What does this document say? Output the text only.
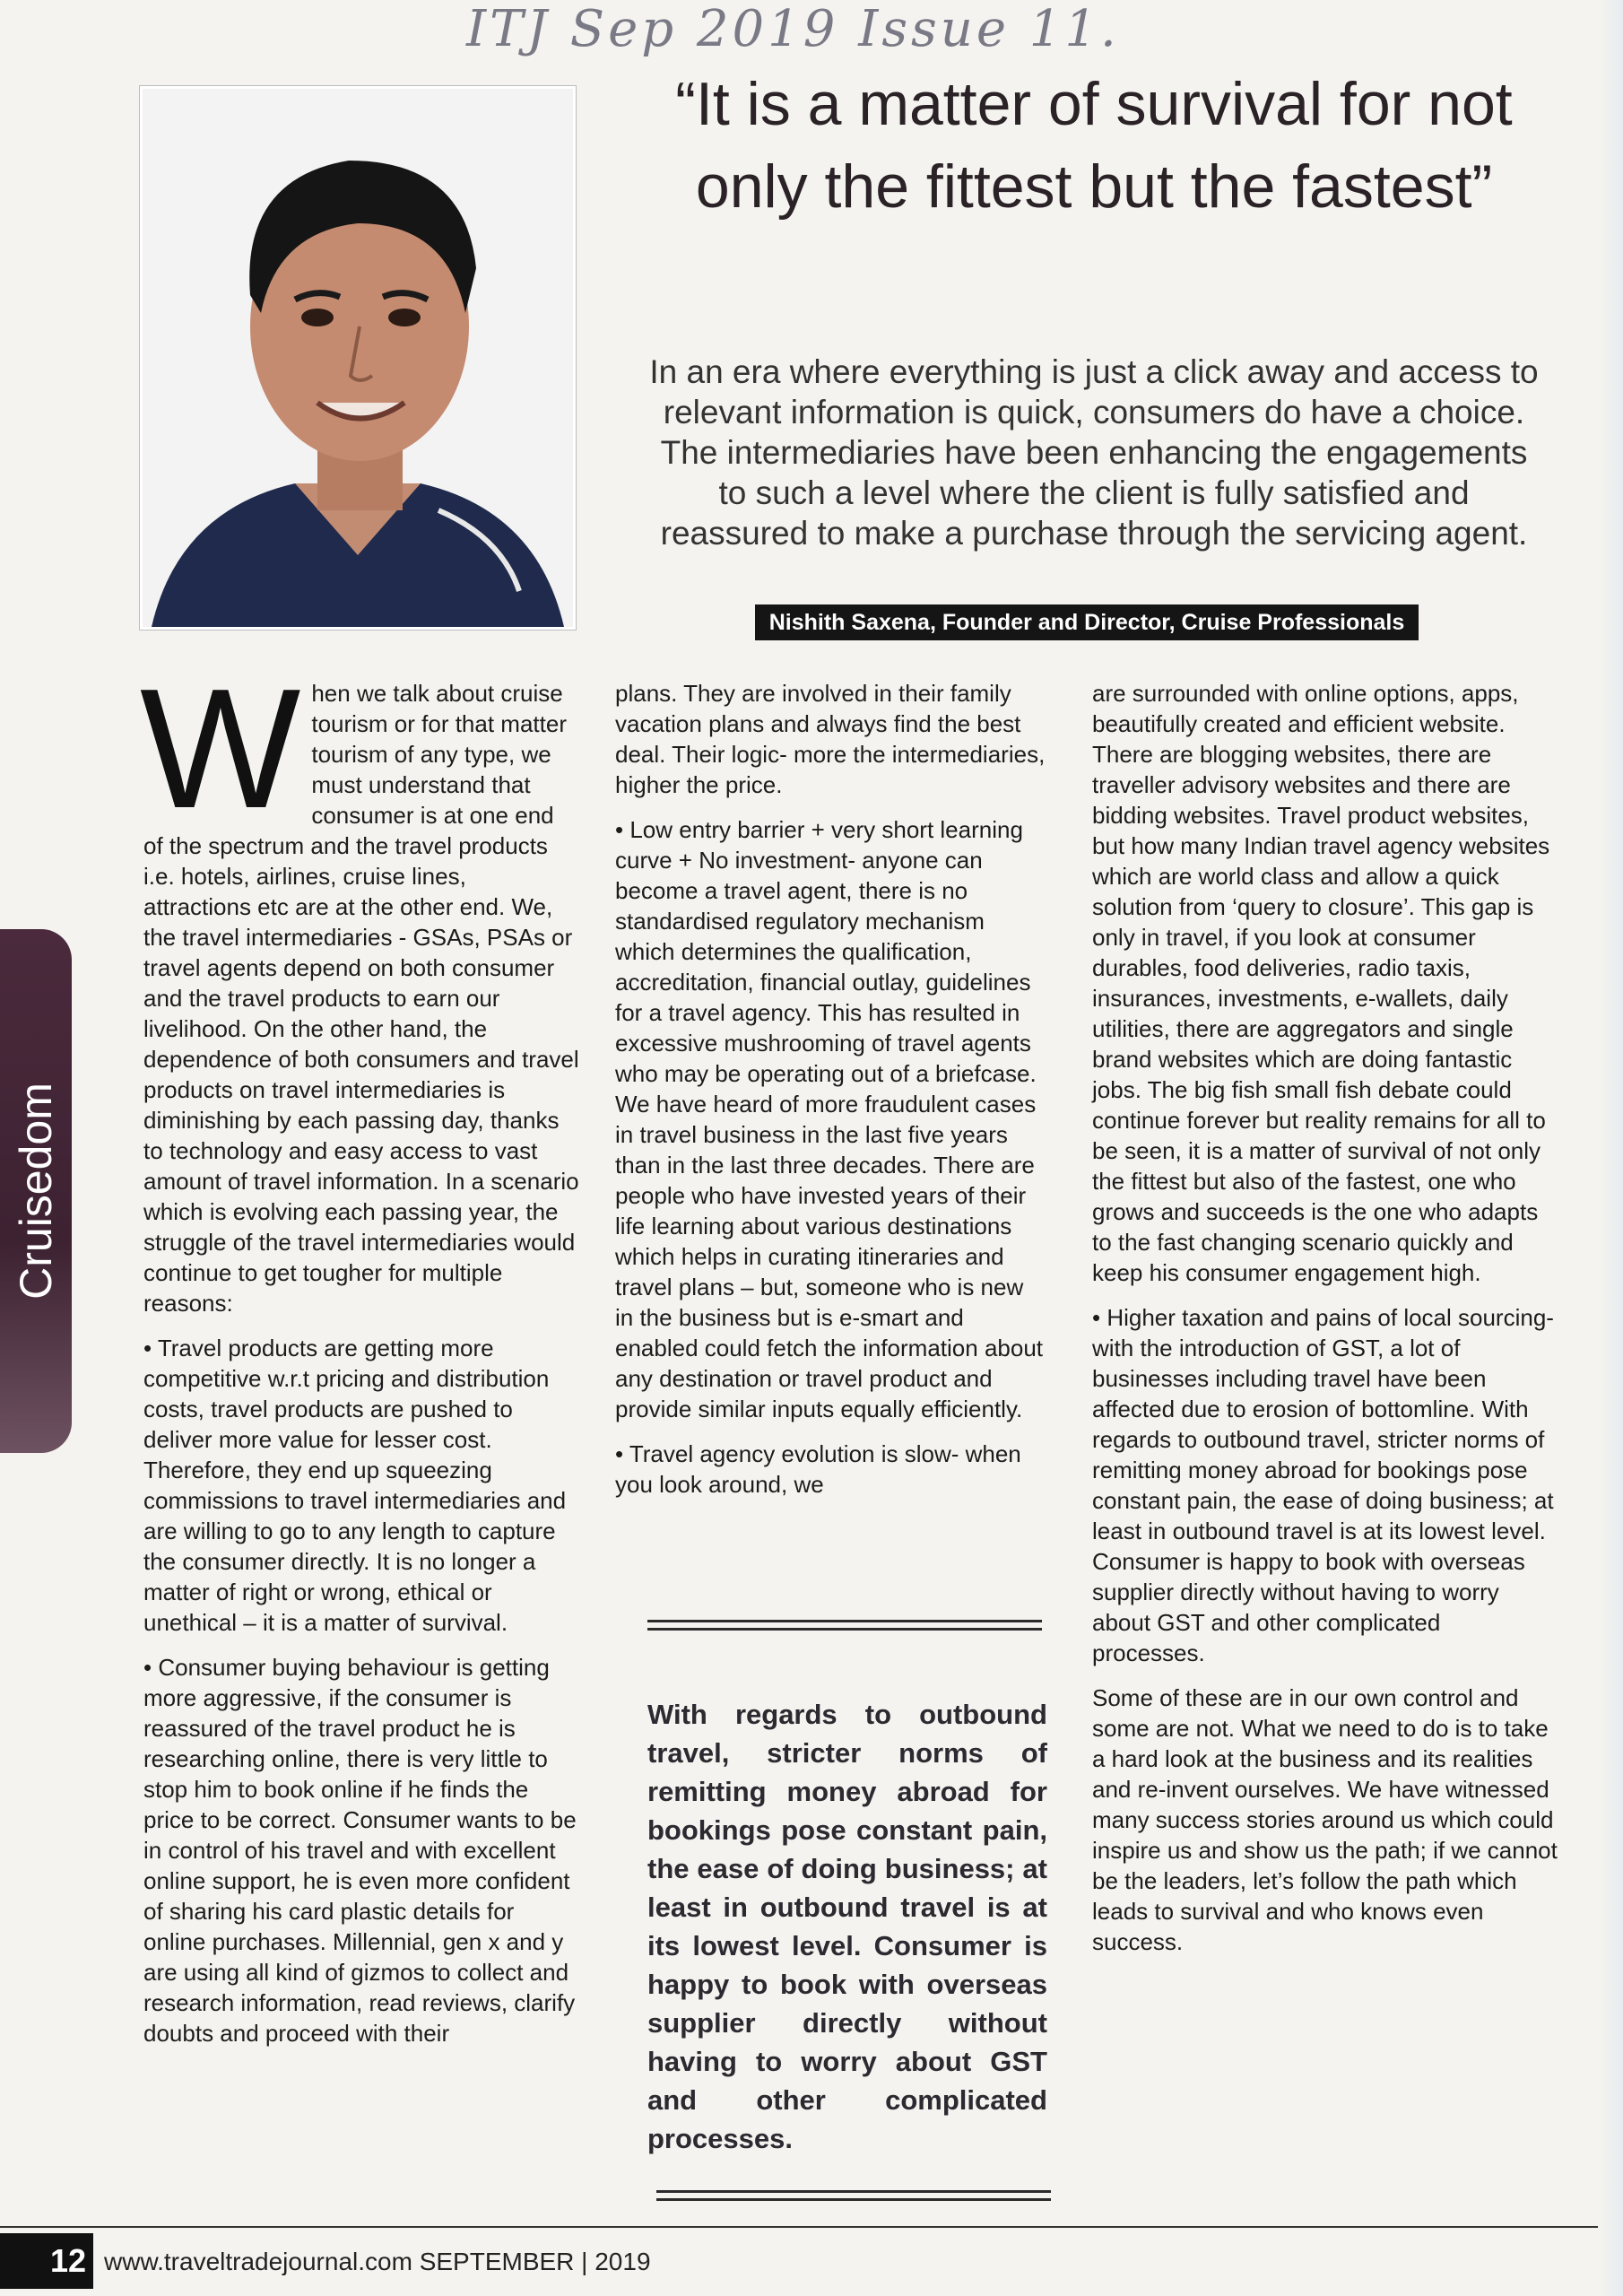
ITJ Sep 2019 Issue 11.
“It is a matter of survival for not only the fittest but the fastest”

In an era where everything is just a click away and access to relevant information is quick, consumers do have a choice. The intermediaries have been enhancing the engagements to such a level where the client is fully satisfied and reassured to make a purchase through the servicing agent.

Nishith Saxena, Founder and Director, Cruise Professionals
Cruisedom

When we talk about cruise tourism or for that matter tourism of any type, we must understand that consumer is at one end of the spectrum and the travel products i.e. hotels, airlines, cruise lines, attractions etc are at the other end. We, the travel intermediaries - GSAs, PSAs or travel agents depend on both consumer and the travel products to earn our livelihood. On the other hand, the dependence of both consumers and travel products on travel intermediaries is diminishing by each passing day, thanks to technology and easy access to vast amount of travel information. In a scenario which is evolving each passing year, the struggle of the travel intermediaries would continue to get tougher for multiple reasons:

• Travel products are getting more competitive w.r.t pricing and distribution costs, travel products are pushed to deliver more value for lesser cost. Therefore, they end up squeezing commissions to travel intermediaries and are willing to go to any length to capture the consumer directly. It is no longer a matter of right or wrong, ethical or unethical – it is a matter of survival.

• Consumer buying behaviour is getting more aggressive, if the consumer is reassured of the travel product he is researching online, there is very little to stop him to book online if he finds the price to be correct. Consumer wants to be in control of his travel and with excellent online support, he is even more confident of sharing his card plastic details for online purchases. Millennial, gen x and y are using all kind of gizmos to collect and research information, read reviews, clarify doubts and proceed with their

plans. They are involved in their family vacation plans and always find the best deal. Their logic- more the intermediaries, higher the price.

• Low entry barrier + very short learning curve + No investment- anyone can become a travel agent, there is no standardised regulatory mechanism which determines the qualification, accreditation, financial outlay, guidelines for a travel agency. This has resulted in excessive mushrooming of travel agents who may be operating out of a briefcase. We have heard of more fraudulent cases in travel business in the last five years than in the last three decades. There are people who have invested years of their life learning about various destinations which helps in curating itineraries and travel plans – but, someone who is new in the business but is e-smart and enabled could fetch the information about any destination or travel product and provide similar inputs equally efficiently.

• Travel agency evolution is slow- when you look around, we

With regards to outbound travel, stricter norms of remitting money abroad for bookings pose constant pain, the ease of doing business; at least in outbound travel is at its lowest level. Consumer is happy to book with overseas supplier directly without having to worry about GST and other complicated processes.

are surrounded with online options, apps, beautifully created and efficient website. There are blogging websites, there are traveller advisory websites and there are bidding websites. Travel product websites, but how many Indian travel agency websites which are world class and allow a quick solution from ‘query to closure’. This gap is only in travel, if you look at consumer durables, food deliveries, radio taxis, insurances, investments, e-wallets, daily utilities, there are aggregators and single brand websites which are doing fantastic jobs. The big fish small fish debate could continue forever but reality remains for all to be seen, it is a matter of survival of not only the fittest but also of the fastest, one who grows and succeeds is the one who adapts to the fast changing scenario quickly and keep his consumer engagement high.

• Higher taxation and pains of local sourcing- with the introduction of GST, a lot of businesses including travel have been affected due to erosion of bottomline. With regards to outbound travel, stricter norms of remitting money abroad for bookings pose constant pain, the ease of doing business; at least in outbound travel is at its lowest level. Consumer is happy to book with overseas supplier directly without having to worry about GST and other complicated processes.

Some of these are in our own control and some are not. What we need to do is to take a hard look at the business and its realities and re-invent ourselves. We have witnessed many success stories around us which could inspire us and show us the path; if we cannot be the leaders, let’s follow the path which leads to survival and who knows even success.

12 www.traveltradejournal.com SEPTEMBER | 2019
